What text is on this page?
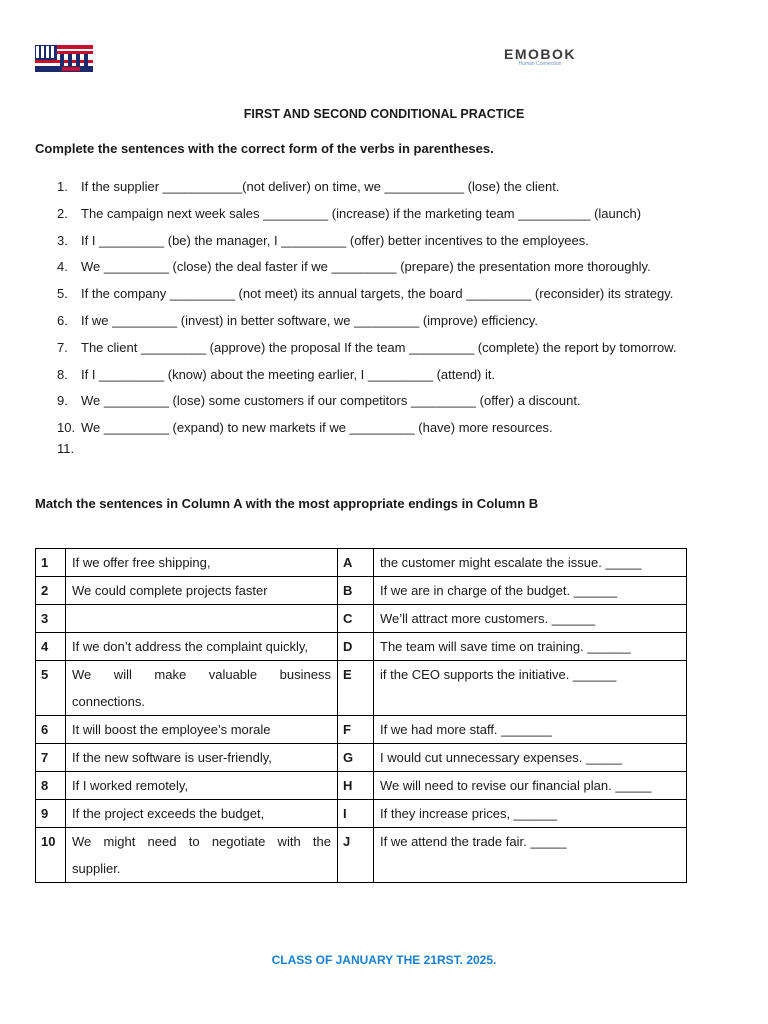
EMOBOK
Human Connection
FIRST AND SECOND CONDITIONAL PRACTICE
Complete the sentences with the correct form of the verbs in parentheses.
1. If the supplier ___________(not deliver) on time, we ___________ (lose) the client.
2. The campaign next week sales _________ (increase) if the marketing team __________ (launch)
3. If I _________ (be) the manager, I _________ (offer) better incentives to the employees.
4. We _________ (close) the deal faster if we _________ (prepare) the presentation more thoroughly.
5. If the company _________ (not meet) its annual targets, the board _________ (reconsider) its strategy.
6. If we _________ (invest) in better software, we _________ (improve) efficiency.
7. The client _________ (approve) the proposal If the team _________ (complete) the report by tomorrow.
8. If I _________ (know) about the meeting earlier, I _________ (attend) it.
9. We _________ (lose) some customers if our competitors _________ (offer) a discount.
10. We _________ (expand) to new markets if we _________ (have) more resources.
11.
Match the sentences in Column A with the most appropriate endings in Column B
1	If we offer free shipping,	A	the customer might escalate the issue. _____
2	We could complete projects faster	B	If we are in charge of the budget. ______
3		C	We’ll attract more customers. ______
4	If we don’t address the complaint quickly,	D	The team will save time on training. ______
5	We will make valuable business connections.	E	if the CEO supports the initiative. ______
6	It will boost the employee’s morale	F	If we had more staff. _______
7	If the new software is user-friendly,	G	I would cut unnecessary expenses. _____
8	If I worked remotely,	H	We will need to revise our financial plan. _____
9	If the project exceeds the budget,	I	If they increase prices, ______
10	We might need to negotiate with the supplier.	J	If we attend the trade fair. _____
CLASS OF JANUARY THE 21RST. 2025.
